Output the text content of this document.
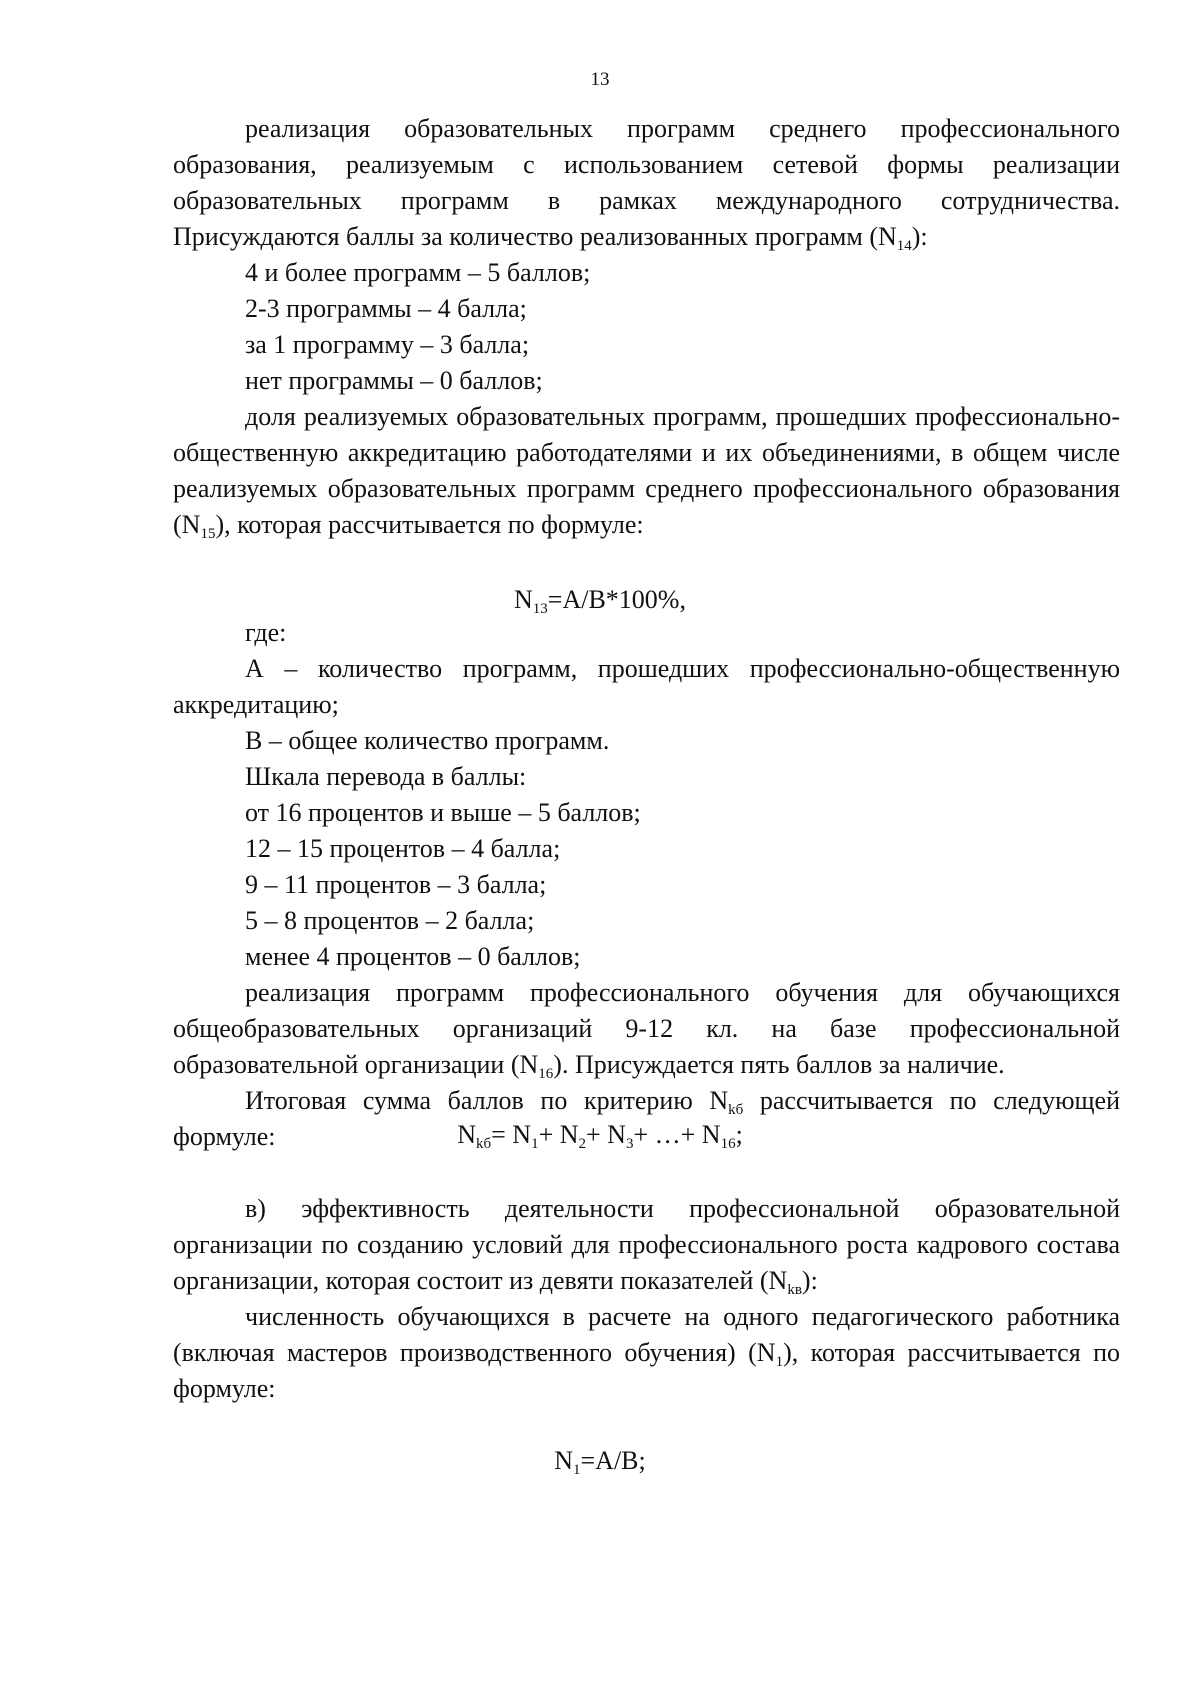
13

реализация образовательных программ среднего профессионального образования, реализуемым с использованием сетевой формы реализации образовательных программ в рамках международного сотрудничества. Присуждаются баллы за количество реализованных программ $(N_{14})$:

4 и более программ – 5 баллов;

2-3 программы – 4 балла;

за 1 программу – 3 балла;

нет программы – 0 баллов;

доля реализуемых образовательных программ, прошедших профессионально-общественную аккредитацию работодателями и их объединениями, в общем числе реализуемых образовательных программ среднего профессионального образования $(N_{15})$, которая рассчитывается по формуле:

$N_{13}=A/B*100\%$,

где:

А – количество программ, прошедших профессионально-общественную аккредитацию;

В – общее количество программ.

Шкала перевода в баллы:

от 16 процентов и выше – 5 баллов;

12 – 15 процентов – 4 балла;

9 – 11 процентов – 3 балла;

5 – 8 процентов – 2 балла;

менее 4 процентов – 0 баллов;

реализация программ профессионального обучения для обучающихся общеобразовательных организаций 9-12 кл. на базе профессиональной образовательной организации $(N_{16})$. Присуждается пять баллов за наличие.

Итоговая сумма баллов по критерию $N_{kб}$ рассчитывается по следующей формуле:	$N_{kб}= N_1+ N_2+ N_3+$ …+ $N_{16}$;

в) эффективность деятельности профессиональной образовательной организации по созданию условий для профессионального роста кадрового состава организации, которая состоит из девяти показателей $(N_{kв})$:

численность обучающихся в расчете на одного педагогического работника (включая мастеров производственного обучения) $(N_1)$, которая рассчитывается по формуле:

$N_1=A/B$;
